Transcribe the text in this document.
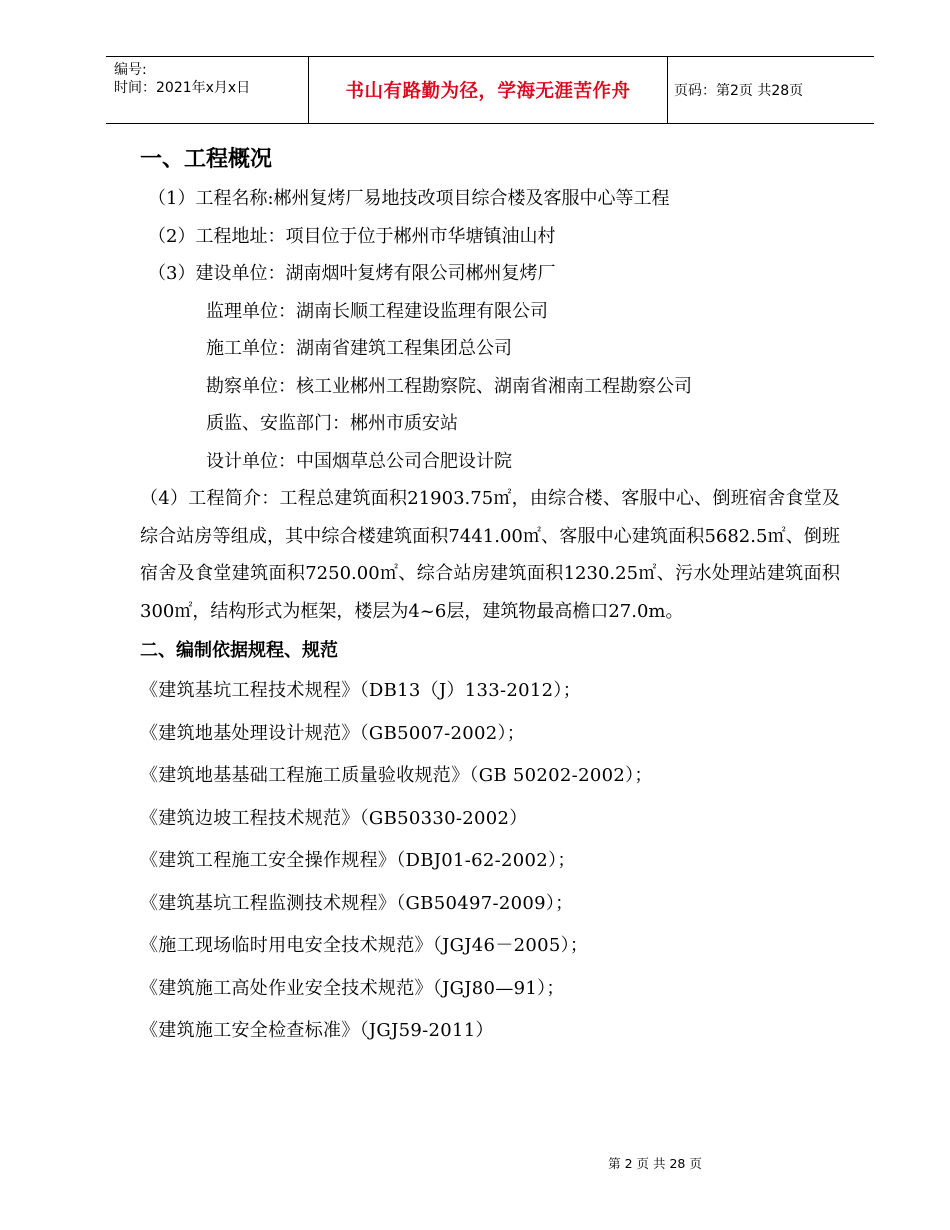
编号:
时间：2021年x月x日	书山有路勤为径，学海无涯苦作舟	页码：第2页 共28页
一、工程概况
（1）工程名称:郴州复烤厂易地技改项目综合楼及客服中心等工程
（2）工程地址：项目位于位于郴州市华塘镇油山村
（3）建设单位：湖南烟叶复烤有限公司郴州复烤厂
监理单位：湖南长顺工程建设监理有限公司
施工单位：湖南省建筑工程集团总公司
勘察单位：核工业郴州工程勘察院、湖南省湘南工程勘察公司
质监、安监部门：郴州市质安站
设计单位：中国烟草总公司合肥设计院

（4）工程简介：工程总建筑面积21903.75㎡，由综合楼、客服中心、倒班宿舍食堂及综合站房等组成，其中综合楼建筑面积7441.00㎡、客服中心建筑面积5682.5㎡、倒班宿舍及食堂建筑面积7250.00㎡、综合站房建筑面积1230.25㎡、污水处理站建筑面积300㎡，结构形式为框架，楼层为4~6层，建筑物最高檐口27.0m。

二、编制依据规程、规范
《建筑基坑工程技术规程》（DB13（J）133-2012）；
《建筑地基处理设计规范》（GB5007-2002）；
《建筑地基基础工程施工质量验收规范》（GB 50202-2002）；
《建筑边坡工程技术规范》（GB50330-2002）
《建筑工程施工安全操作规程》（DBJ01-62-2002）；
《建筑基坑工程监测技术规程》（GB50497-2009）；
《施工现场临时用电安全技术规范》（JGJ46－2005）；
《建筑施工高处作业安全技术规范》（JGJ80—91）；
《建筑施工安全检查标准》（JGJ59-2011）
第 2 页 共 28 页
